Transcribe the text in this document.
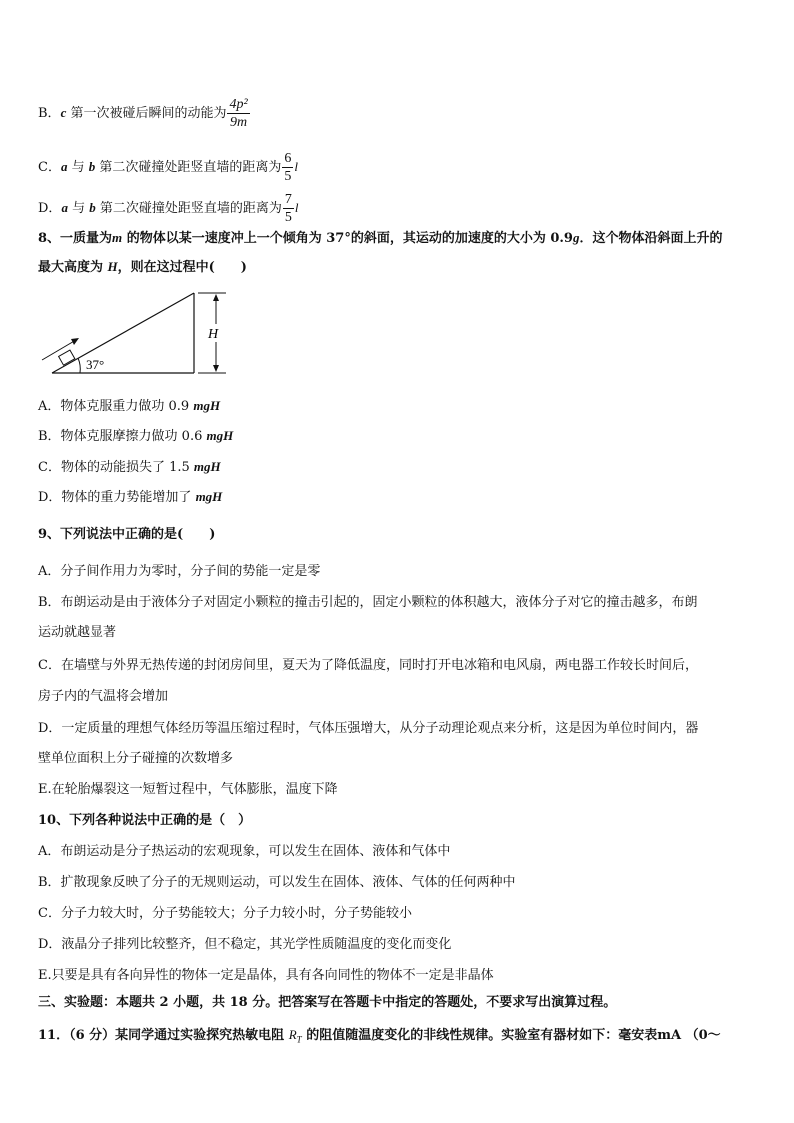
B．c 第一次被碰后瞬间的动能为 $\frac{\text{4p²}}{9m}$
C．a 与 b 第二次碰撞处距竖直墙的距离为 $\frac{6}{5}$ l
D．a 与 b 第二次碰撞处距竖直墙的距离为 $\frac{7}{5}$ l
8、一质量为m 的物体以某一速度冲上一个倾角为 37°的斜面，其运动的加速度的大小为 0.9g．这个物体沿斜面上升的
最大高度为 H，则在这过程中(　　)
H
37°
A．物体克服重力做功 0.9 mgH
B．物体克服摩擦力做功 0.6 mgH
C．物体的动能损失了 1.5 mgH
D．物体的重力势能增加了 mgH
9、下列说法中正确的是(　　)
A．分子间作用力为零时，分子间的势能一定是零
B．布朗运动是由于液体分子对固定小颗粒的撞击引起的，固定小颗粒的体积越大，液体分子对它的撞击越多，布朗
运动就越显著
C．在墙壁与外界无热传递的封闭房间里，夏天为了降低温度，同时打开电冰箱和电风扇，两电器工作较长时间后，
房子内的气温将会增加
D．一定质量的理想气体经历等温压缩过程时，气体压强增大，从分子动理论观点来分析，这是因为单位时间内，器
壁单位面积上分子碰撞的次数增多
E.在轮胎爆裂这一短暂过程中，气体膨胀，温度下降
10、下列各种说法中正确的是（　）
A．布朗运动是分子热运动的宏观现象，可以发生在固体、液体和气体中
B．扩散现象反映了分子的无规则运动，可以发生在固体、液体、气体的任何两种中
C．分子力较大时，分子势能较大；分子力较小时，分子势能较小
D．液晶分子排列比较整齐，但不稳定，其光学性质随温度的变化而变化
E.只要是具有各向异性的物体一定是晶体，具有各向同性的物体不一定是非晶体
三、实验题：本题共 2 小题，共 18 分。把答案写在答题卡中指定的答题处，不要求写出演算过程。
11．（6 分）某同学通过实验探究热敏电阻 $R_T$ 的阻值随温度变化的非线性规律。实验室有器材如下：毫安表mA （0～
